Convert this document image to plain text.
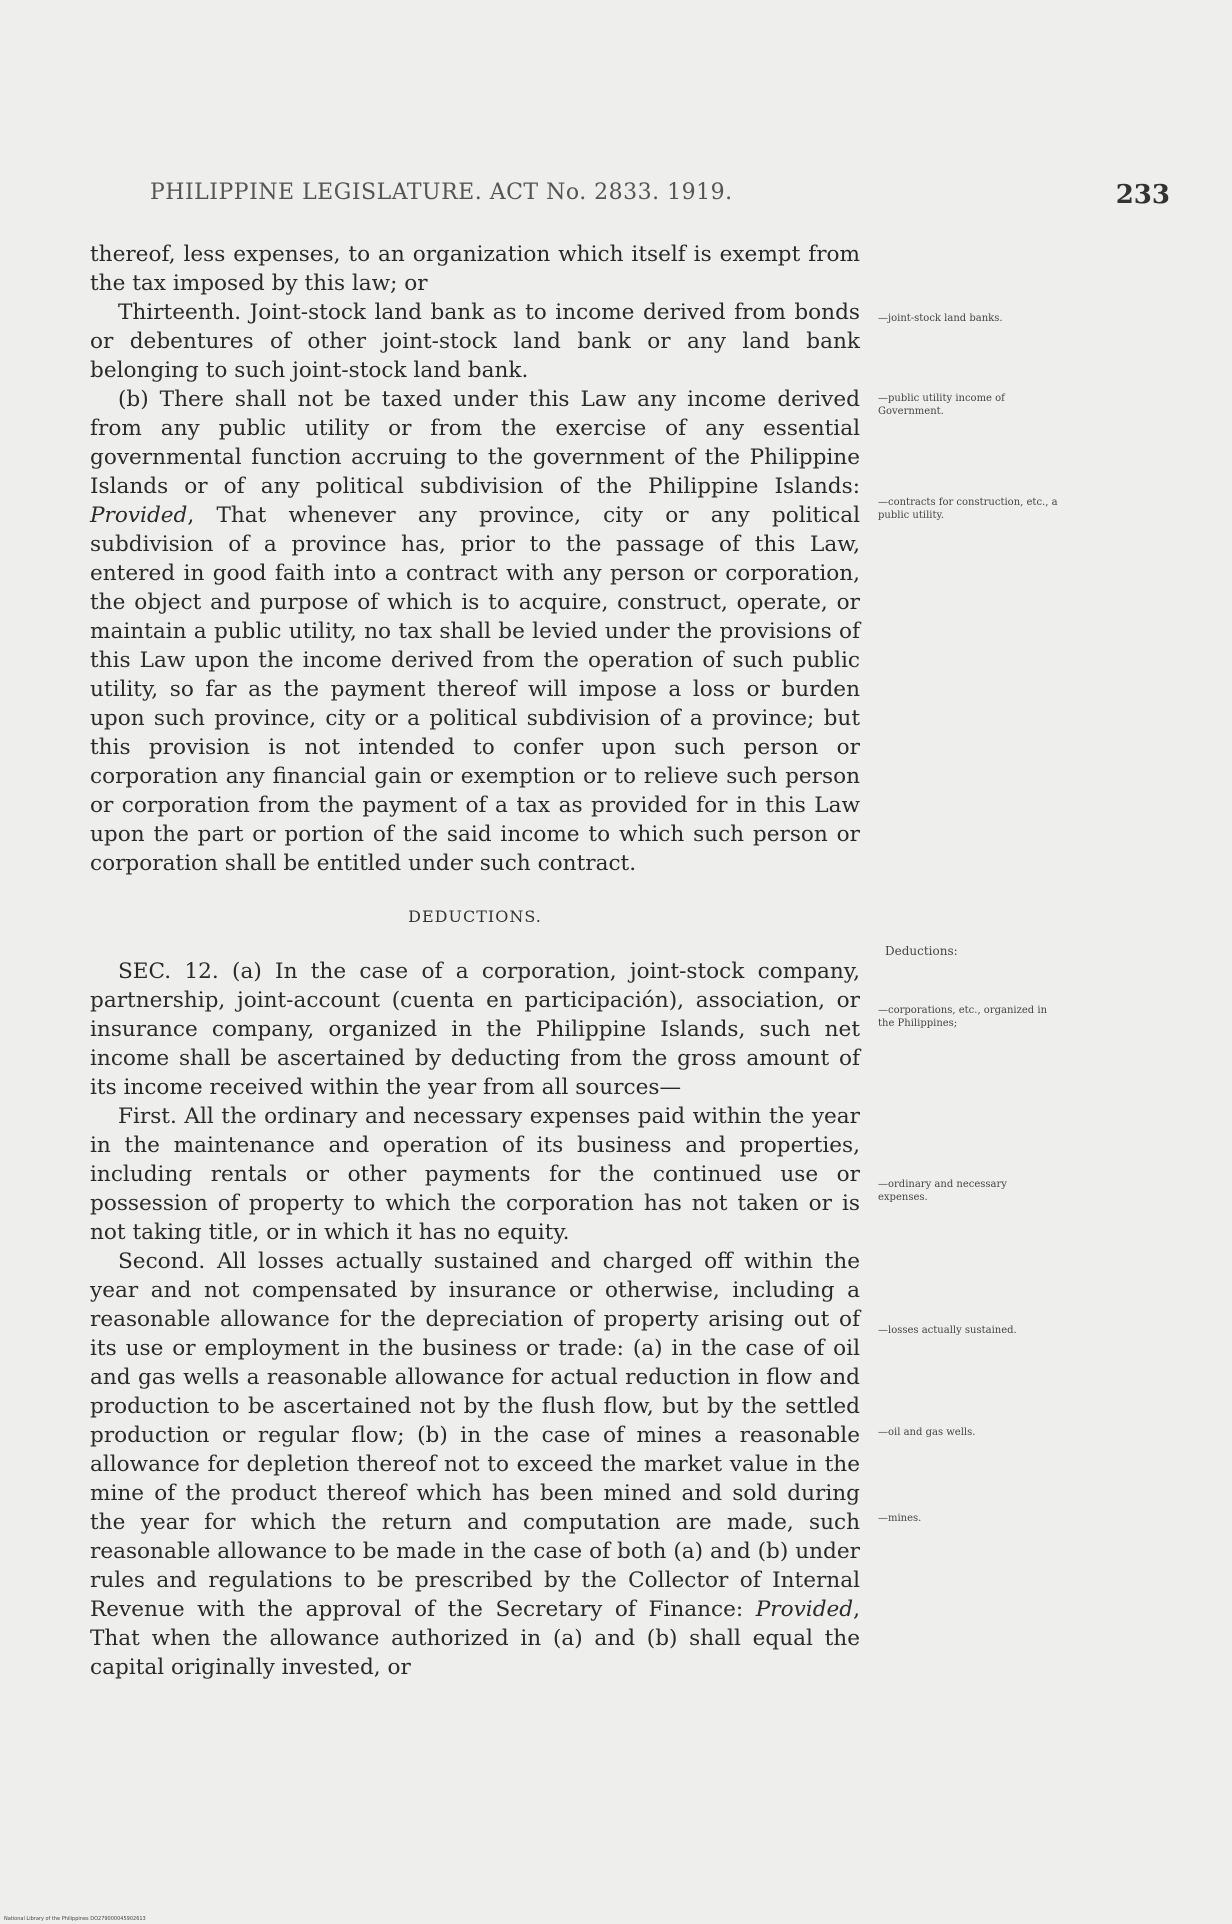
PHILIPPINE LEGISLATURE. ACT No. 2833. 1919.	233

thereof, less expenses, to an organization which itself is exempt from the tax imposed by this law; or

Thirteenth. Joint-stock land bank as to income derived from bonds or debentures of other joint-stock land bank or any land bank belonging to such joint-stock land bank.

(b) There shall not be taxed under this Law any income derived from any public utility or from the exercise of any essential governmental function accruing to the government of the Philippine Islands or of any political subdivision of the Philippine Islands: Provided, That whenever any province, city or any political subdivision of a province has, prior to the passage of this Law, entered in good faith into a contract with any person or corporation, the object and purpose of which is to acquire, construct, operate, or maintain a public utility, no tax shall be levied under the provisions of this Law upon the income derived from the operation of such public utility, so far as the payment thereof will impose a loss or burden upon such province, city or a political subdivision of a province; but this provision is not intended to confer upon such person or corporation any financial gain or exemption or to relieve such person or corporation from the payment of a tax as provided for in this Law upon the part or portion of the said income to which such person or corporation shall be entitled under such contract.

DEDUCTIONS.

SEC. 12. (a) In the case of a corporation, joint-stock company, partnership, joint-account (cuenta en participación), association, or insurance company, organized in the Philippine Islands, such net income shall be ascertained by deducting from the gross amount of its income received within the year from all sources—

First. All the ordinary and necessary expenses paid within the year in the maintenance and operation of its business and properties, including rentals or other payments for the continued use or possession of property to which the corporation has not taken or is not taking title, or in which it has no equity.

Second. All losses actually sustained and charged off within the year and not compensated by insurance or otherwise, including a reasonable allowance for the depreciation of property arising out of its use or employment in the business or trade: (a) in the case of oil and gas wells a reasonable allowance for actual reduction in flow and production to be ascertained not by the flush flow, but by the settled production or regular flow; (b) in the case of mines a reasonable allowance for depletion thereof not to exceed the market value in the mine of the product thereof which has been mined and sold during the year for which the return and computation are made, such reasonable allowance to be made in the case of both (a) and (b) under rules and regulations to be prescribed by the Collector of Internal Revenue with the approval of the Secretary of Finance: Provided, That when the allowance authorized in (a) and (b) shall equal the capital originally invested, or

—joint-stock land banks.
—public utility income of Government.
—contracts for construction, etc., a public utility.
Deductions:
—corporations, etc., organized in the Philippines;
—ordinary and necessary expenses.
—losses actually sustained.
—oil and gas wells.
—mines.
National Library of the Philippines DO279000045902613
